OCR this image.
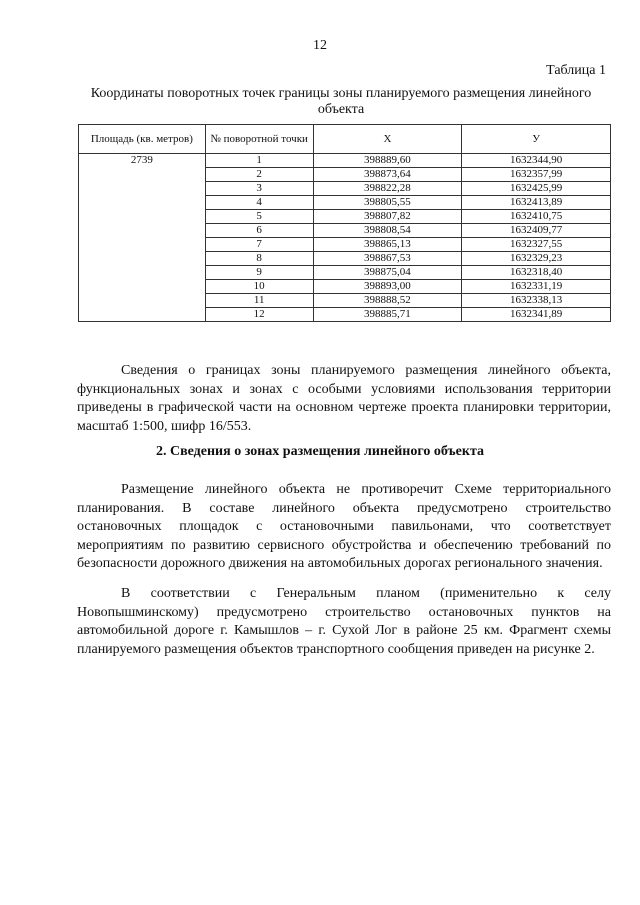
12
Таблица 1
Координаты поворотных точек границы зоны планируемого размещения линейного объекта
Площадь (кв. метров)	№ поворотной точки	X	У
2739	1	398889,60	1632344,90
	2	398873,64	1632357,99
	3	398822,28	1632425,99
	4	398805,55	1632413,89
	5	398807,82	1632410,75
	6	398808,54	1632409,77
	7	398865,13	1632327,55
	8	398867,53	1632329,23
	9	398875,04	1632318,40
	10	398893,00	1632331,19
	11	398888,52	1632338,13
	12	398885,71	1632341,89

Сведения о границах зоны планируемого размещения линейного объекта, функциональных зонах и зонах с особыми условиями использования территории приведены в графической части на основном чертеже проекта планировки территории, масштаб 1:500, шифр 16/553.

2. Сведения о зонах размещения линейного объекта

Размещение линейного объекта не противоречит Схеме территориального планирования. В составе линейного объекта предусмотрено строительство остановочных площадок с остановочными павильонами, что соответствует мероприятиям по развитию сервисного обустройства и обеспечению требований по безопасности дорожного движения на автомобильных дорогах регионального значения.

В соответствии с Генеральным планом (применительно к селу Новопышминскому) предусмотрено строительство остановочных пунктов на автомобильной дороге г. Камышлов – г. Сухой Лог в районе 25 км. Фрагмент схемы планируемого размещения объектов транспортного сообщения приведен на рисунке 2.
